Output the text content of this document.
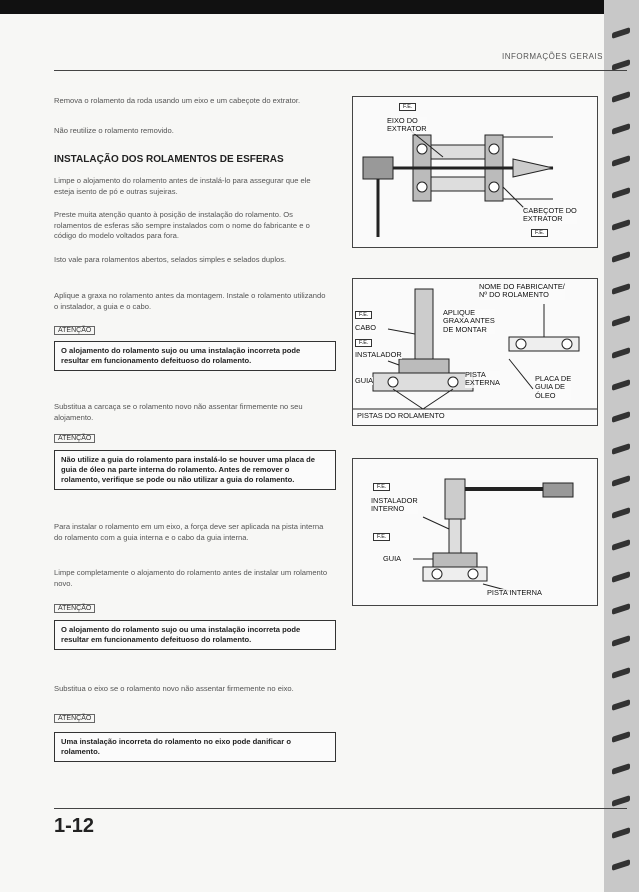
INFORMAÇÕES GERAIS

Remova o rolamento da roda usando um eixo e um cabeçote do extrator.

Não reutilize o rolamento removido.

INSTALAÇÃO DOS ROLAMENTOS DE ESFERAS

Limpe o alojamento do rolamento antes de instalá-lo para assegurar que ele esteja isento de pó e outras sujeiras.

Preste muita atenção quanto à posição de instalação do rolamento. Os rolamentos de esferas são sempre instalados com o nome do fabricante e o código do modelo voltados para fora.

Isto vale para rolamentos abertos, selados simples e selados duplos.

Aplique a graxa no rolamento antes da montagem. Instale o rolamento utilizando o instalador, a guia e o cabo.

ATENÇÃO
O alojamento do rolamento sujo ou uma instalação incorreta pode resultar em funcionamento defeituoso do rolamento.

Substitua a carcaça se o rolamento novo não assentar firmemente no seu alojamento.

ATENÇÃO
Não utilize a guia do rolamento para instalá-lo se houver uma placa de guia de óleo na parte interna do rolamento. Antes de remover o rolamento, verifique se pode ou não utilizar a guia do rolamento.

Para instalar o rolamento em um eixo, a força deve ser aplicada na pista interna do rolamento com a guia interna e o cabo da guia interna.

Limpe completamente o alojamento do rolamento antes de instalar um rolamento novo.

ATENÇÃO
O alojamento do rolamento sujo ou uma instalação incorreta pode resultar em funcionamento defeituoso do rolamento.

Substitua o eixo se o rolamento novo não assentar firmemente no eixo.

ATENÇÃO
Uma instalação incorreta do rolamento no eixo pode danificar o rolamento.
F.E.
EIXO DO
EXTRATOR
CABEÇOTE DO
EXTRATOR
F.E.
NOME DO FABRICANTE/
Nº DO ROLAMENTO
APLIQUE
GRAXA ANTES
DE MONTAR
F.E.
CABO
F.E.
INSTALADOR
GUIA
PISTA
EXTERNA	PLACA DE
GUIA DE
ÓLEO
PISTAS DO ROLAMENTO
F.E.
INSTALADOR
INTERNO
F.E.
GUIA
PISTA INTERNA
1-12
